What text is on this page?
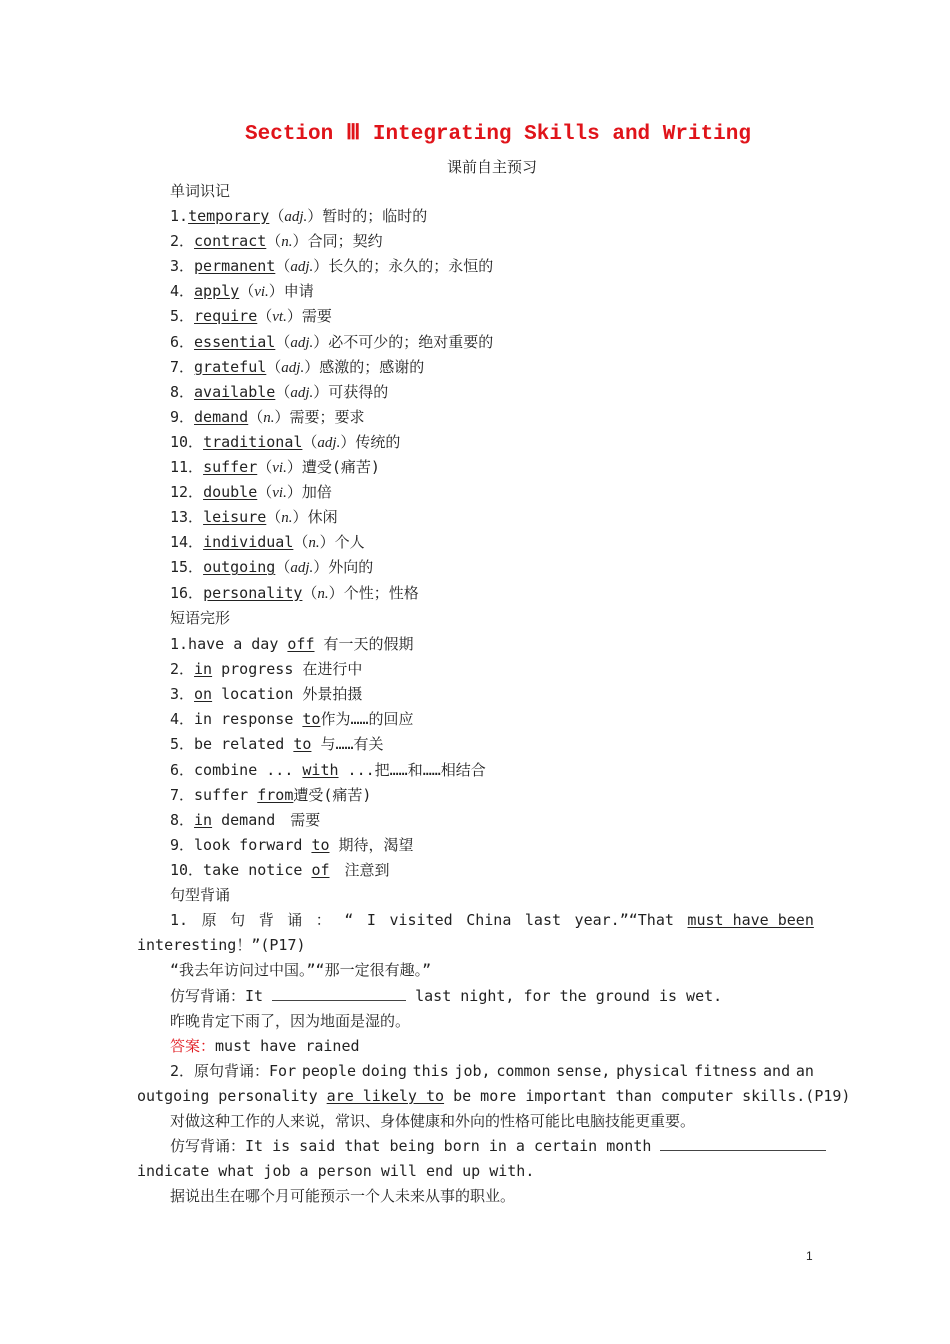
Section Ⅲ Integrating Skills and Writing
课前自主预习
单词识记
1.temporary（adj.）暂时的；临时的
2．contract（n.）合同；契约
3．permanent（adj.）长久的；永久的；永恒的
4．apply（vi.）申请
5．require（vt.）需要
6．essential（adj.）必不可少的；绝对重要的
7．grateful（adj.）感激的；感谢的
8．available（adj.）可获得的
9．demand（n.）需要；要求
10．traditional（adj.）传统的
11．suffer（vi.）遭受(痛苦)
12．double（vi.）加倍
13．leisure（n.）休闲
14．individual（n.）个人
15．outgoing（adj.）外向的
16．personality（n.）个性；性格
短语完形
1.have a day off 有一天的假期
2．in progress 在进行中
3．on location 外景拍摄
4．in response to作为……的回应
5．be related to 与……有关
6．combine ... with ...把……和……相结合
7．suffer from遭受(痛苦)
8．in demand　需要
9．look forward to 期待，渴望
10．take notice of　注意到
句型背诵
1. 原 句 背 诵 ： “ I visited China last year.”“That must have been
interesting！”(P17)
“我去年访问过中国。”“那一定很有趣。”
仿写背诵：It	last night, for the ground is wet.
昨晚肯定下雨了，因为地面是湿的。
答案：must have rained
2．原句背诵：For people doing this job, common sense, physical fitness and an
outgoing personality are likely to be more important than computer skills.(P19)
对做这种工作的人来说，常识、身体健康和外向的性格可能比电脑技能更重要。
仿写背诵：It is said that being born in a certain month
indicate what job a person will end up with.
据说出生在哪个月可能预示一个人未来从事的职业。
1
